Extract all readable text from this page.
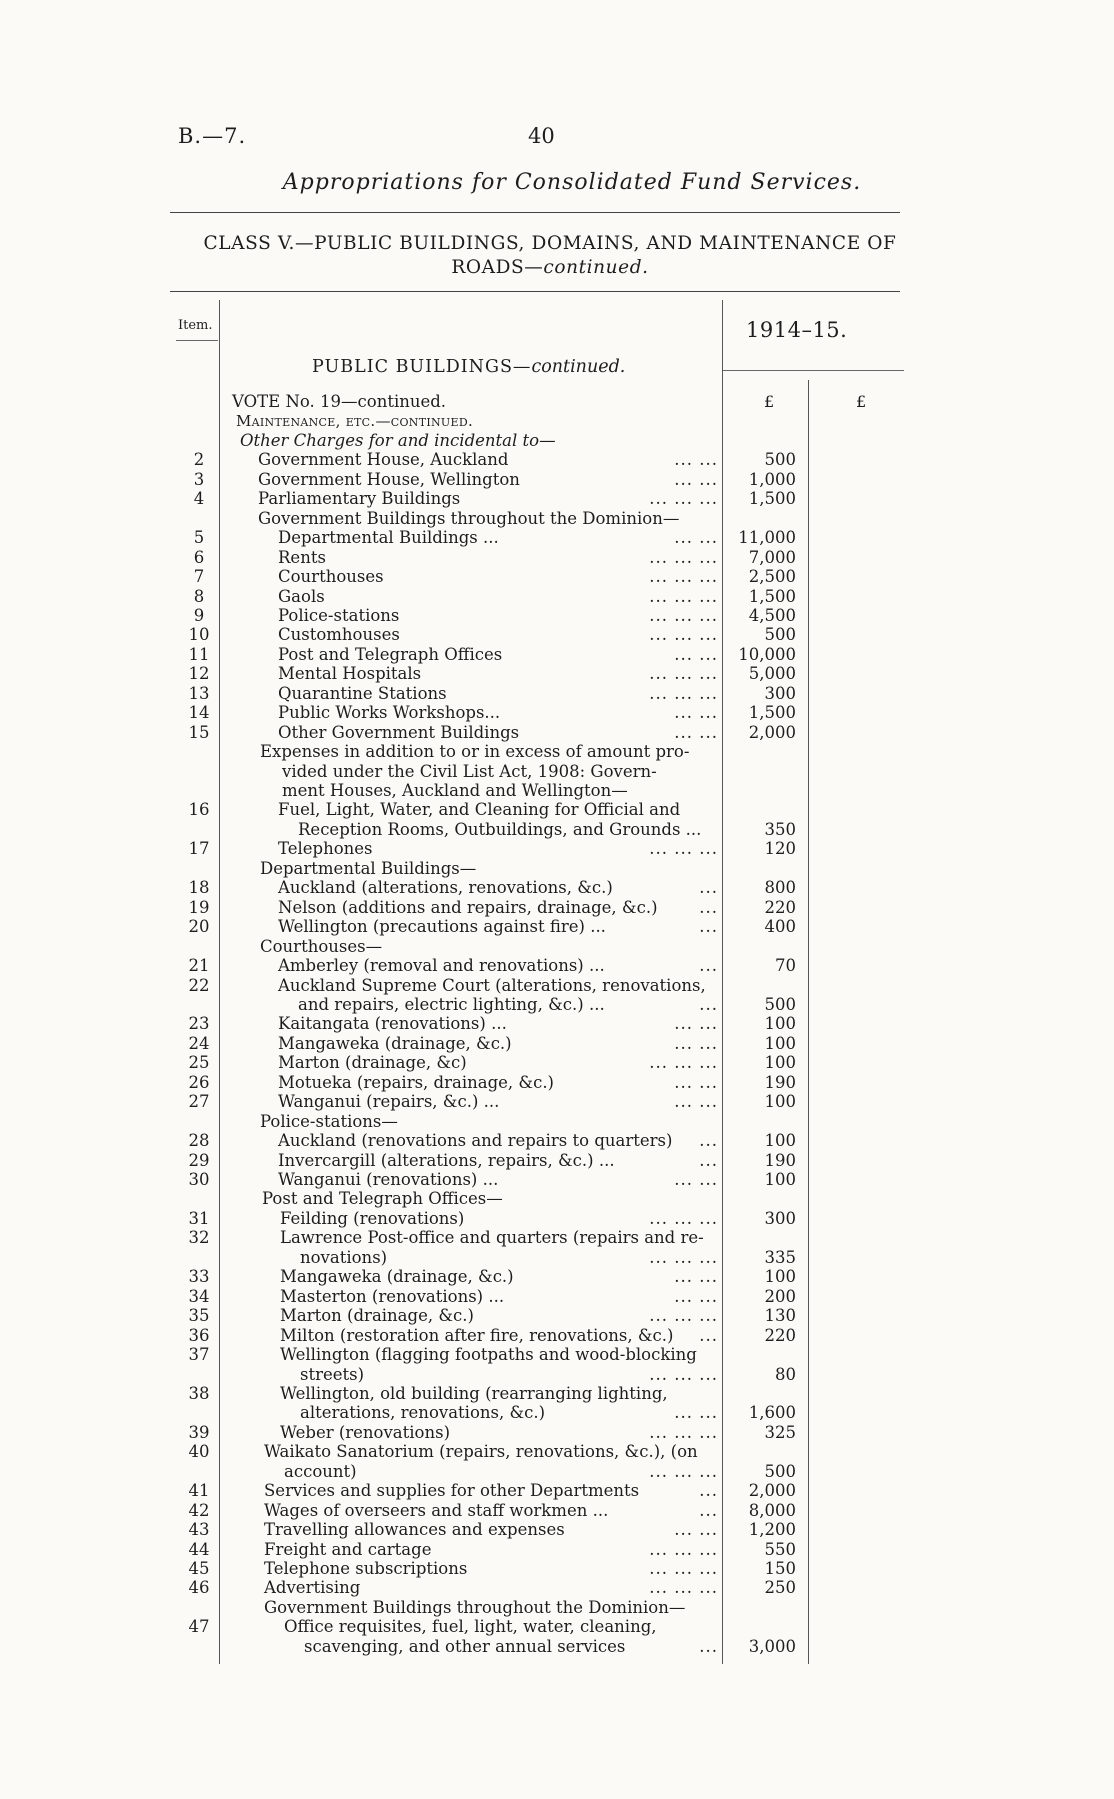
B.—7.	40
Appropriations for Consolidated Fund Services.
CLASS V.—PUBLIC BUILDINGS, DOMAINS, AND MAINTENANCE OF
ROADS—continued.
Item.	1914–15.
PUBLIC BUILDINGS—continued.
£	£
VOTE No. 19—continued.
Maintenance, etc.—continued.
Other Charges for and incidental to—
2	Government House, Auckland	... ...	500
3	Government House, Wellington	... ...	1,000
4	Parliamentary Buildings	... ... ...	1,500
Government Buildings throughout the Dominion—
5	Departmental Buildings ...	... ...	11,000
6	Rents	... ... ...	7,000
7	Courthouses	... ... ...	2,500
8	Gaols	... ... ...	1,500
9	Police-stations	... ... ...	4,500
10	Customhouses	... ... ...	500
11	Post and Telegraph Offices	... ...	10,000
12	Mental Hospitals	... ... ...	5,000
13	Quarantine Stations	... ... ...	300
14	Public Works Workshops...	... ...	1,500
15	Other Government Buildings	... ...	2,000
Expenses in addition to or in excess of amount pro-
vided under the Civil List Act, 1908: Govern-
ment Houses, Auckland and Wellington—
16	Fuel, Light, Water, and Cleaning for Official and
Reception Rooms, Outbuildings, and Grounds ...	350
17	Telephones	... ... ...	120
Departmental Buildings—
18	Auckland (alterations, renovations, &c.)	...	800
19	Nelson (additions and repairs, drainage, &c.)	...	220
20	Wellington (precautions against fire) ...	...	400
Courthouses—
21	Amberley (removal and renovations) ...	...	70
22	Auckland Supreme Court (alterations, renovations,
and repairs, electric lighting, &c.) ...	...	500
23	Kaitangata (renovations) ...	... ...	100
24	Mangaweka (drainage, &c.)	... ...	100
25	Marton (drainage, &c)	... ... ...	100
26	Motueka (repairs, drainage, &c.)	... ...	190
27	Wanganui (repairs, &c.) ...	... ...	100
Police-stations—
28	Auckland (renovations and repairs to quarters) ...	100
29	Invercargill (alterations, repairs, &c.) ...	...	190
30	Wanganui (renovations) ...	... ...	100
Post and Telegraph Offices—
31	Feilding (renovations)	... ... ...	300
32	Lawrence Post-office and quarters (repairs and re-
novations)	... ... ...	335
33	Mangaweka (drainage, &c.)	... ...	100
34	Masterton (renovations) ...	... ...	200
35	Marton (drainage, &c.)	... ... ...	130
36	Milton (restoration after fire, renovations, &c.) ...	220
37	Wellington (flagging footpaths and wood-blocking
streets)	... ... ...	80
38	Wellington, old building (rearranging lighting,
alterations, renovations, &c.)	... ...	1,600
39	Weber (renovations)	... ... ...	325
40	Waikato Sanatorium (repairs, renovations, &c.), (on
account)	... ... ...	500
41	Services and supplies for other Departments	...	2,000
42	Wages of overseers and staff workmen ...	...	8,000
43	Travelling allowances and expenses	... ...	1,200
44	Freight and cartage	... ... ...	550
45	Telephone subscriptions	... ... ...	150
46	Advertising	... ... ...	250
Government Buildings throughout the Dominion—
47	Office requisites, fuel, light, water, cleaning,
scavenging, and other annual services	...	3,000
